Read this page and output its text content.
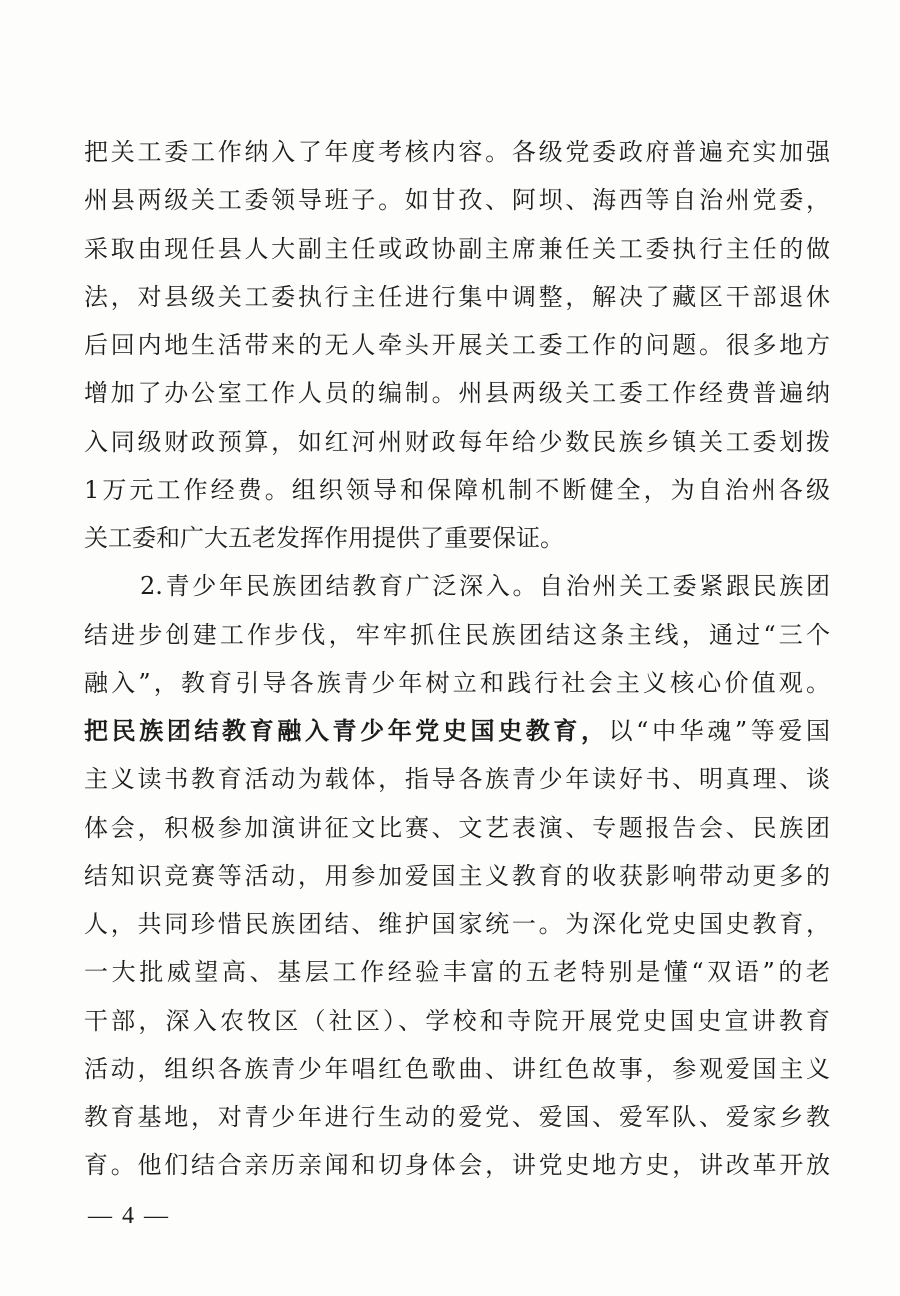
把关工委工作纳入了年度考核内容。各级党委政府普遍充实加强
州县两级关工委领导班子。如甘孜、阿坝、海西等自治州党委，
采取由现任县人大副主任或政协副主席兼任关工委执行主任的做
法，对县级关工委执行主任进行集中调整，解决了藏区干部退休
后回内地生活带来的无人牵头开展关工委工作的问题。很多地方
增加了办公室工作人员的编制。州县两级关工委工作经费普遍纳
入同级财政预算，如红河州财政每年给少数民族乡镇关工委划拨
1万元工作经费。组织领导和保障机制不断健全，为自治州各级
关工委和广大五老发挥作用提供了重要保证。
2.青少年民族团结教育广泛深入。自治州关工委紧跟民族团
结进步创建工作步伐，牢牢抓住民族团结这条主线，通过“三个
融入”，教育引导各族青少年树立和践行社会主义核心价值观。
把民族团结教育融入青少年党史国史教育，以“中华魂”等爱国
主义读书教育活动为载体，指导各族青少年读好书、明真理、谈
体会，积极参加演讲征文比赛、文艺表演、专题报告会、民族团
结知识竞赛等活动，用参加爱国主义教育的收获影响带动更多的
人，共同珍惜民族团结、维护国家统一。为深化党史国史教育，
一大批威望高、基层工作经验丰富的五老特别是懂“双语”的老
干部，深入农牧区（社区）、学校和寺院开展党史国史宣讲教育
活动，组织各族青少年唱红色歌曲、讲红色故事，参观爱国主义
教育基地，对青少年进行生动的爱党、爱国、爱军队、爱家乡教
育。他们结合亲历亲闻和切身体会，讲党史地方史，讲改革开放
— 4 —
